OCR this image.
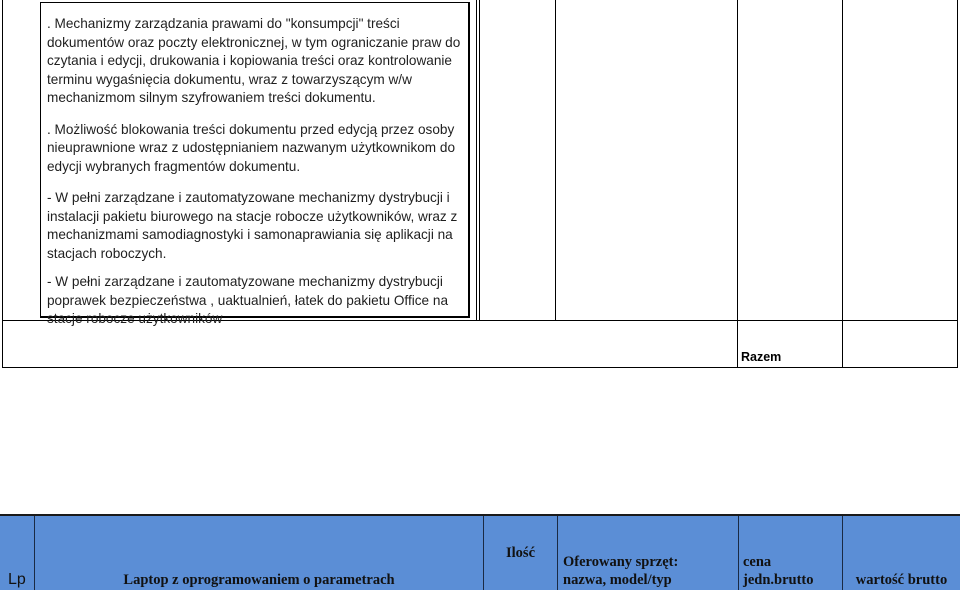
. Mechanizmy zarządzania prawami do "konsumpcji" treści dokumentów oraz poczty elektronicznej, w tym ograniczanie praw do czytania i edycji, drukowania i kopiowania treści oraz kontrolowanie terminu wygaśnięcia dokumentu, wraz z towarzyszącym w/w mechanizmom silnym szyfrowaniem treści dokumentu.

. Możliwość blokowania treści dokumentu przed edycją przez osoby nieuprawnione wraz z udostępnianiem nazwanym użytkownikom do edycji wybranych fragmentów dokumentu.

- W pełni zarządzane i zautomatyzowane mechanizmy dystrybucji i instalacji pakietu biurowego na stacje robocze użytkowników, wraz z mechanizmami samodiagnostyki i samonaprawiania się aplikacji na stacjach roboczych.

- W pełni zarządzane i zautomatyzowane mechanizmy dystrybucji poprawek bezpieczeństwa , uaktualnień, łatek do pakietu Office na stacje robocze użytkowników

Razem
Lp	Laptop z oprogramowaniem o parametrach
Ilość
Oferowany sprzęt:
nazwa, model/typ
cena
jedn.brutto	wartość brutto
